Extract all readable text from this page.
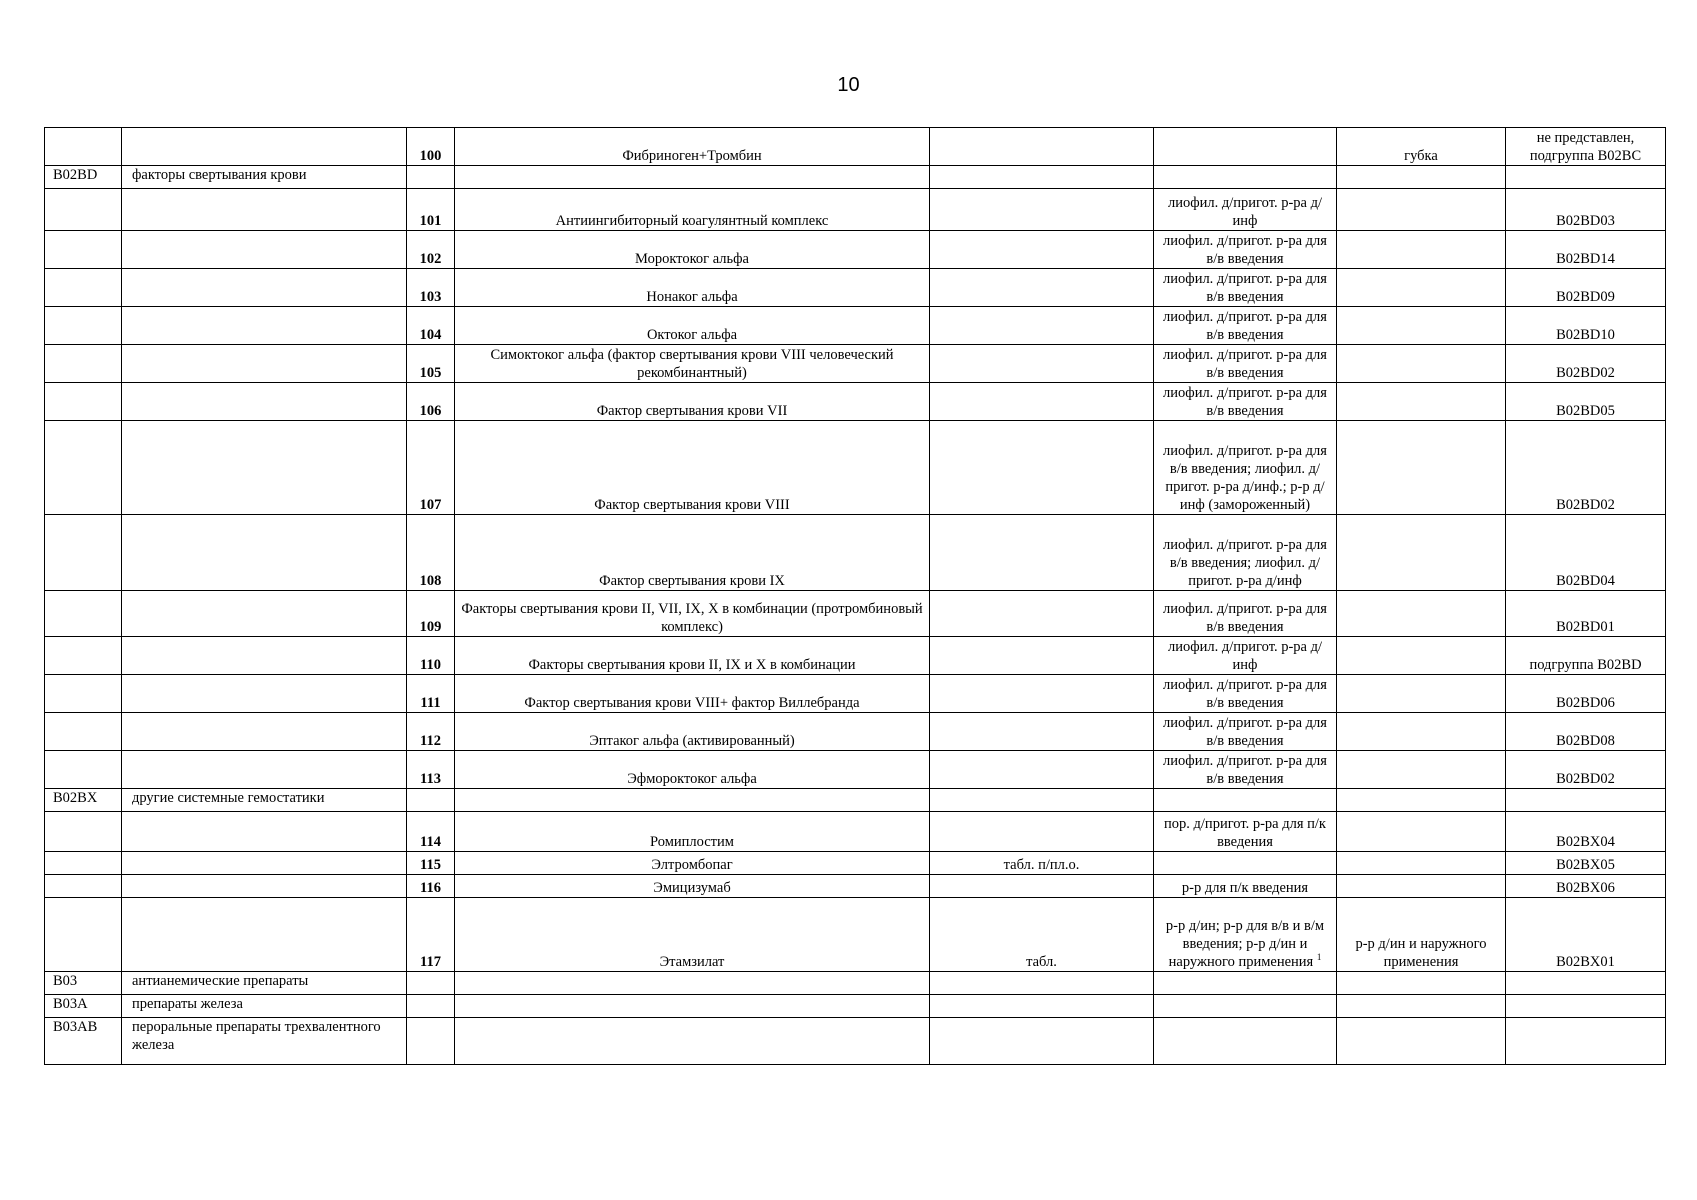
10
		100	Фибриноген+Тромбин			губка	не представлен, подгруппа B02BC
B02BD	факторы свертывания крови						
		101	Антиингибиторный коагулянтный комплекс		лиофил. д/пригот. р-ра д/инф		B02BD03
		102	Мороктоког альфа		лиофил. д/пригот. р-ра для в/в введения		B02BD14
		103	Нонаког альфа		лиофил. д/пригот. р-ра для в/в введения		B02BD09
		104	Октоког альфа		лиофил. д/пригот. р-ра для в/в введения		B02BD10
		105	Симоктоког альфа (фактор свертывания крови VIII человеческий рекомбинантный)		лиофил. д/пригот. р-ра для в/в введения		B02BD02
		106	Фактор свертывания крови VII		лиофил. д/пригот. р-ра для в/в введения		B02BD05
		107	Фактор свертывания крови VIII		лиофил. д/пригот. р-ра для в/в введения; лиофил. д/пригот. р-ра д/инф.; р-р д/инф (замороженный)		B02BD02
		108	Фактор свертывания крови IX		лиофил. д/пригот. р-ра для в/в введения; лиофил. д/пригот. р-ра д/инф		B02BD04
		109	Факторы свертывания крови II, VII, IX, X в комбинации (протромбиновый комплекс)		лиофил. д/пригот. р-ра для в/в введения		B02BD01
		110	Факторы свертывания крови II, IX и X в комбинации		лиофил. д/пригот. р-ра д/инф		подгруппа B02BD
		111	Фактор свертывания крови VIII+ фактор Виллебранда		лиофил. д/пригот. р-ра для в/в введения		B02BD06
		112	Эптаког альфа (активированный)		лиофил. д/пригот. р-ра для в/в введения		B02BD08
		113	Эфмороктоког альфа		лиофил. д/пригот. р-ра для в/в введения		B02BD02
B02BX	другие системные гемостатики						
		114	Ромиплостим		пор. д/пригот. р-ра для п/к введения		B02BX04
		115	Элтромбопаг	табл. п/пл.о.			B02BX05
		116	Эмицизумаб		р-р для п/к введения		B02BX06
		117	Этамзилат	табл.	р-р д/ин; р-р для в/в и в/м введения; р-р д/ин и наружного применения $^1$	р-р д/ин и наружного применения	B02BX01
B03	антианемические препараты						
B03A	препараты железа						
B03AB	пероральные препараты трехвалентного железа						
